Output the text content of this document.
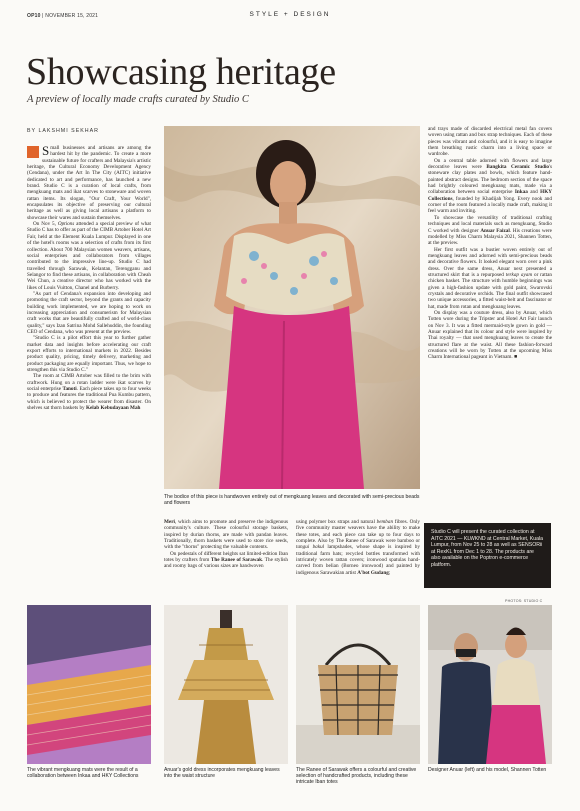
OP10 | NOVEMBER 15, 2021	STYLE + DESIGN
Showcasing heritage
A preview of locally made crafts curated by Studio C
BY LAKSHMI SEKHAR

Small businesses and artisans are among the hardest hit by the pandemic. To create a more sustainable future for crafters and Malaysia's artistic heritage, the Cultural Economy Development Agency (Cendana), under the Art In The City (AITC) initiative dedicated to art and performance, has launched a new brand. Studio C is a curation of local crafts, from mengkuang mats and ikat scarves to stoneware and woven rattan items. Its slogan, "Our Craft, Your World", encapsulates its objective of preserving our cultural heritage as well as giving local artisans a platform to showcase their wares and sustain themselves.

On Nov 5, Options attended a special preview of what Studio C has to offer as part of the CIMB Artober Hotel Art Fair, held at the Element Kuala Lumpur. Displayed in one of the hotel's rooms was a selection of crafts from its first collection. About 700 Malaysian women weavers, artisans, social enterprises and collaborators from villages contributed to the impressive line-up. Studio C had travelled through Sarawak, Kelantan, Terengganu and Selangor to find these artisans, in collaboration with Cheah Wei Chun, a creative director who has worked with the likes of Louis Vuitton, Chanel and Burberry.

"As part of Cendana's expansion into developing and promoting the craft sector, beyond the grants and capacity building work implemented, we are hoping to work on increasing appreciation and consumerism for Malaysian craft works that are beautifully crafted and of world-class quality," says Izan Satrina Mohd Sallehuddin, the founding CEO of Cendana, who was present at the preview.

"Studio C is a pilot effort this year to further gather market data and insights before accelerating our craft export efforts to international markets in 2022. Besides product quality, pricing, timely delivery, marketing and product packaging are equally important. Thus, we hope to strengthen this via Studio C."

The room at CIMB Artober was filled to the brim with craftwork. Hung on a rotan ladder were ikat scarves by social enterprise Tanoti. Each piece takes up to four weeks to produce and features the traditional Pua Kumbu pattern, which is believed to protect the wearer from disaster. On shelves sat thorn baskets by Kelab Kebudayaan Mah

The bodice of this piece is handwoven entirely out of mengkuang leaves and decorated with semi-precious beads and flowers

Meri, which aims to promote and preserve the indigenous community's culture. These colourful storage baskets, inspired by durian thorns, are made with pandan leaves. Traditionally, thorn baskets were used to store rice seeds, with the "thorns" protecting the valuable contents.

On pedestals of different heights sat limited-edition Iban totes by crafters from The Ranee of Sarawak. The stylish and roomy bags of various sizes are handwoven

using polymer box straps and natural bemban fibres. Only five community master weavers have the ability to make these totes, and each piece can take up to four days to complete. Also by The Ranee of Sarawak were bamboo or tangui bakul lampshades, whose shape is inspired by traditional farm hats; recycled bottles transformed with intricately woven rattan covers; ironwood spatulas hand-carved from belian (Borneo ironwood) and painted by indigenous Sarawakian artist A'bot Gudang;

and trays made of discarded electrical metal fan covers woven using rattan and box strap techniques. Each of these pieces was vibrant and colourful, and it is easy to imagine them breathing rustic charm into a living space or wardrobe.

On a central table adorned with flowers and large decorative leaves were Bangkita Ceramic Studio's stoneware clay plates and bowls, which feature hand-painted abstract designs. The bedroom section of the space had brightly coloured mengkuang mats, made via a collaboration between social enterprise Inkaa and HKY Collections, founded by Khadijah Yong. Every nook and corner of the room featured a locally made craft, making it feel warm and inviting.

To showcase the versatility of traditional crafting techniques and local materials such as mengkuang, Studio C worked with designer Anuar Faizal. His creations were modelled by Miss Charm Malaysia 2021, Shannen Totten, at the preview.

Her first outfit was a bustier woven entirely out of mengkuang leaves and adorned with semi-precious beads and decorative flowers. It looked elegant worn over a pink dress. Over the same dress, Anuar next presented a structured skirt that is a repurposed terkap ayam or rattan chicken basket. The structure with humble beginnings was given a high-fashion update with gold paint, Swarovski crystals and decorative orchids. The final outfit showcased two unique accessories, a fitted waist-belt and fascinator or hat, made from rotan and mengkuang leaves.

On display was a couture dress, also by Anuar, which Totten wore during the Tripster and Hotel Art Fair launch on Nov 3. It was a fitted mermaid-style gown in gold — Anuar explained that its colour and style were inspired by Thai royalty — that used mengkuang leaves to create the structured flare at the waist. All these fashion-forward creations will be worn by Totten at the upcoming Miss Charm International pageant in Vietnam. ■

Studio C will present the curated collection at AITC 2021 — KLWKND at Central Market, Kuala Lumpur, from Nov 25 to 28 as well as SENSORii at RexKL from Dec 1 to 28. The products are also available on the Poptron e-commerce platform.
PHOTOS: STUDIO C
The vibrant mengkuang mats were the result of a collaboration between Inkaa and HKY Collections
Anuar's gold dress incorporates mengkuang leaves into the waist structure
The Ranee of Sarawak offers a colourful and creative selection of handcrafted products, including these intricate Iban totes
Designer Anuar (left) and his model, Shannen Totten
